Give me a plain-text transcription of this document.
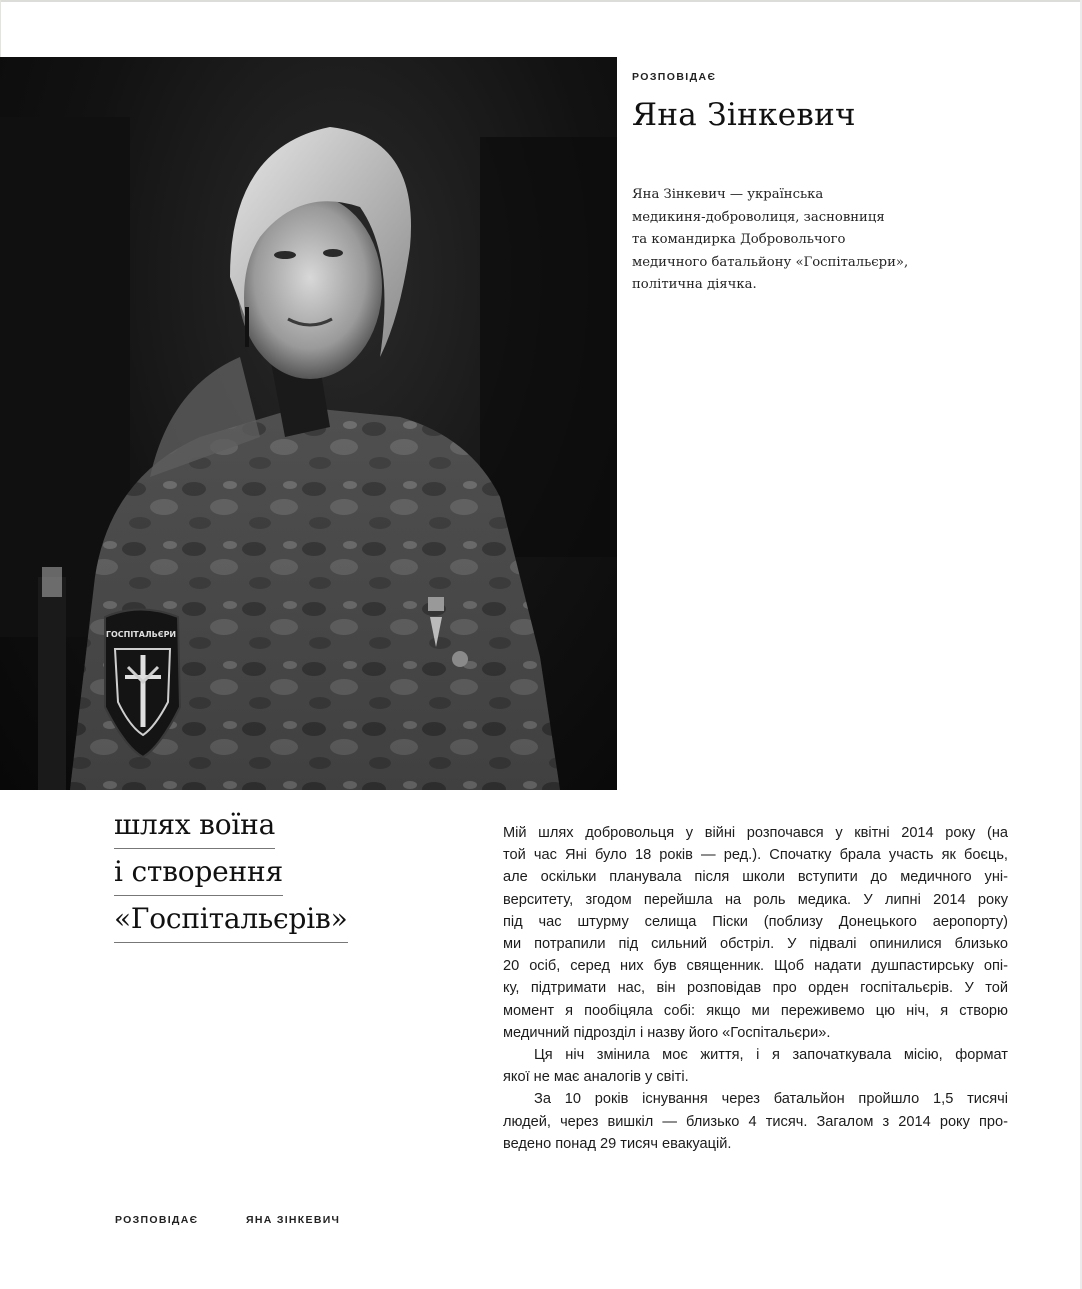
ГОСПІТАЛЬЄРИ
РОЗПОВІДАЄ
Яна Зінкевич
Яна Зінкевич — українська
медикиня-доброволиця, засновниця
та командирка Добровольчого
медичного батальйону «Госпітальєри»,
політична діячка.
шлях воїна
і створення
«Госпітальєрів»
Мій шлях добровольця у війні розпочався у квітні 2014 року (на
той час Яні було 18 років — ред.). Спочатку брала участь як боєць,
але оскільки планувала після школи вступити до медичного уні-
верситету, згодом перейшла на роль медика. У липні 2014 року
під час штурму селища Піски (поблизу Донецького аеропорту)
ми потрапили під сильний обстріл. У підвалі опинилися близько
20 осіб, серед них був священник. Щоб надати душпастирську опі-
ку, підтримати нас, він розповідав про орден госпітальєрів. У той
момент я пообіцяла собі: якщо ми переживемо цю ніч, я створю
медичний підрозділ і назву його «Госпітальєри».
Ця ніч змінила моє життя, і я започаткувала місію, формат
якої не має аналогів у світі.
За 10 років існування через батальйон пройшло 1,5 тисячі
людей, через вишкіл — близько 4 тисяч. Загалом з 2014 року про-
ведено понад 29 тисяч евакуацій.
РОЗПОВІДАЄ	ЯНА ЗІНКЕВИЧ
